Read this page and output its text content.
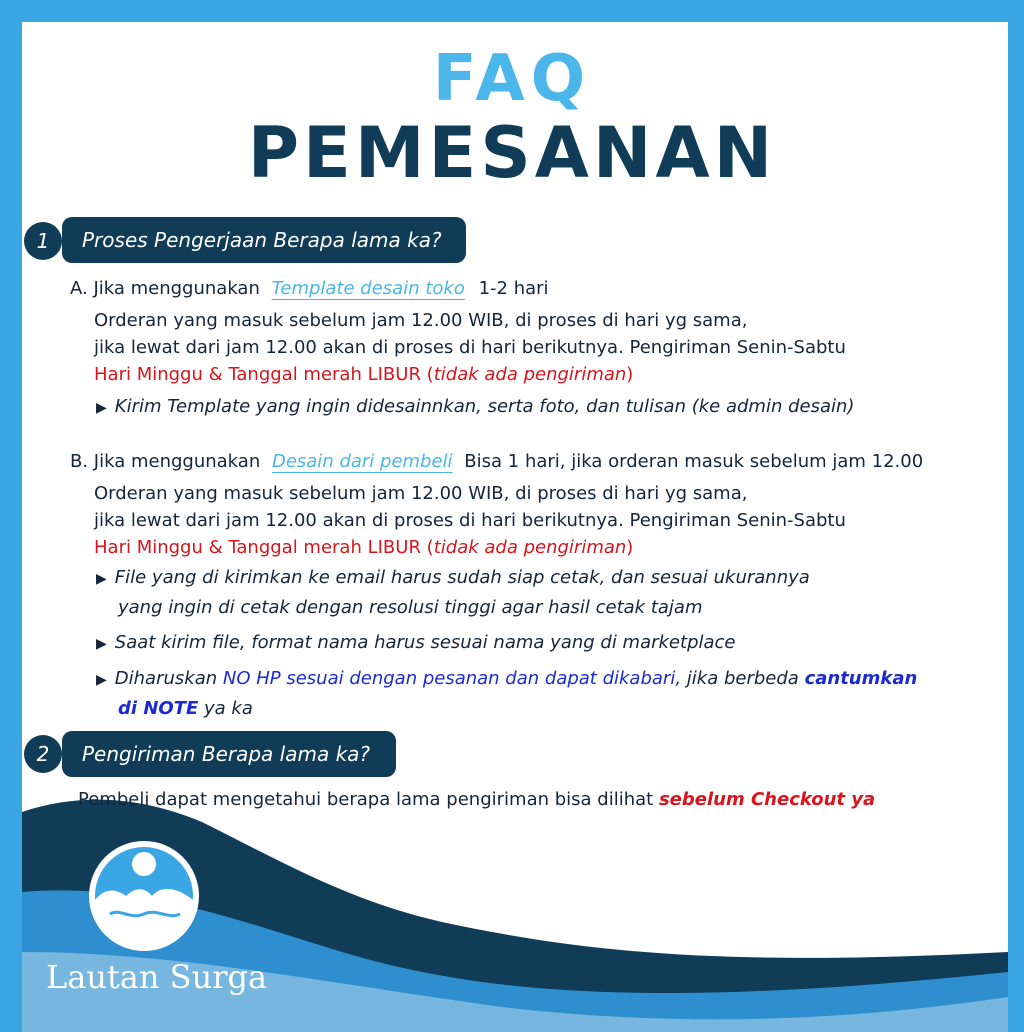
FAQ
PEMESANAN
1	Proses Pengerjaan Berapa lama ka?
A. Jika menggunakan Template desain toko 1-2 hari
Orderan yang masuk sebelum jam 12.00 WIB, di proses di hari yg sama,
jika lewat dari jam 12.00 akan di proses di hari berikutnya. Pengiriman Senin-Sabtu
Hari Minggu & Tanggal merah LIBUR (tidak ada pengiriman)
▶ Kirim Template yang ingin didesainnkan, serta foto, dan tulisan (ke admin desain)
B. Jika menggunakan Desain dari pembeli Bisa 1 hari, jika orderan masuk sebelum jam 12.00
Orderan yang masuk sebelum jam 12.00 WIB, di proses di hari yg sama,
jika lewat dari jam 12.00 akan di proses di hari berikutnya. Pengiriman Senin-Sabtu
Hari Minggu & Tanggal merah LIBUR (tidak ada pengiriman)
▶ File yang di kirimkan ke email harus sudah siap cetak, dan sesuai ukurannya
yang ingin di cetak dengan resolusi tinggi agar hasil cetak tajam
▶ Saat kirim file, format nama harus sesuai nama yang di marketplace
▶ Diharuskan NO HP sesuai dengan pesanan dan dapat dikabari, jika berbeda cantumkan
di NOTE ya ka
2	Pengiriman Berapa lama ka?
Pembeli dapat mengetahui berapa lama pengiriman bisa dilihat sebelum Checkout ya
Lautan Surga
